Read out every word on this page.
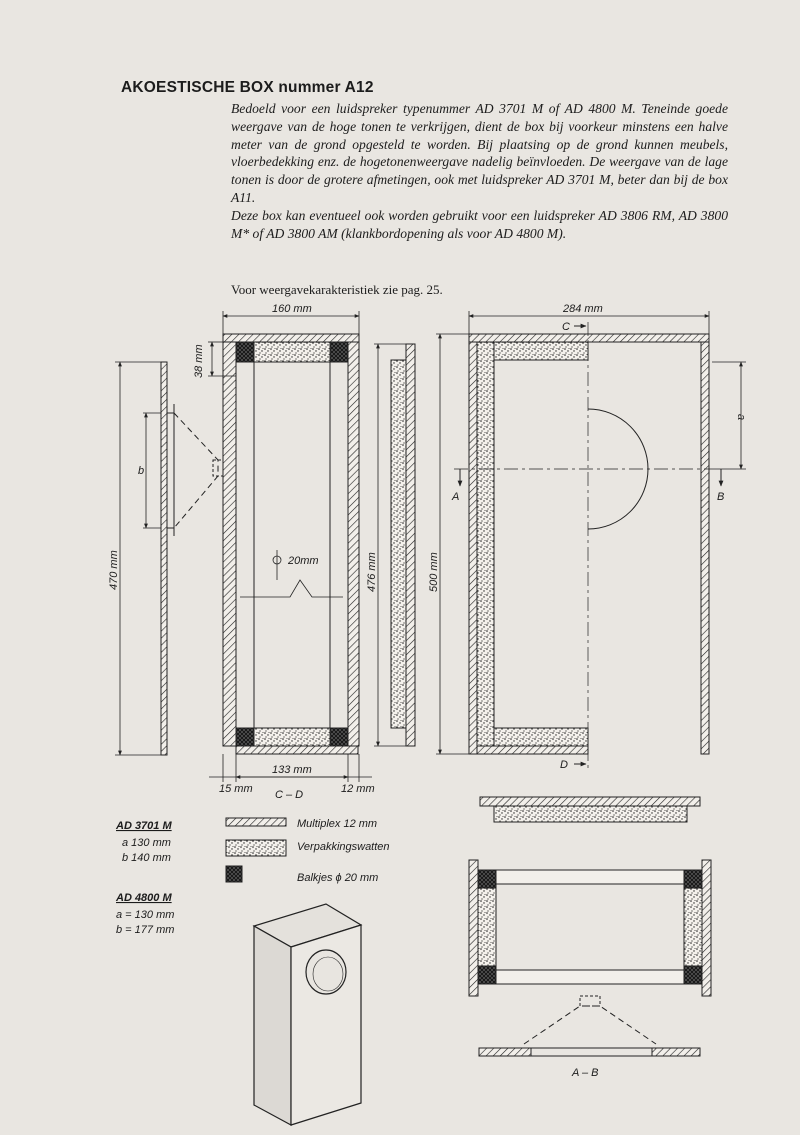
AKOESTISCHE BOX nummer A12

Bedoeld voor een luidspreker typenummer AD 3701 M of AD 4800 M. Teneinde goede weergave van de hoge tonen te verkrijgen, dient de box bij voorkeur minstens een halve meter van de grond opgesteld te worden. Bij plaatsing op de grond kunnen meubels, vloerbedekking enz. de hogetonenweergave nadelig beïnvloeden. De weergave van de lage tonen is door de grotere afmetingen, ook met luidspreker AD 3701 M, beter dan bij de box A11.

Deze box kan eventueel ook worden gebruikt voor een luidspreker AD 3806 RM, AD 3800 M* of AD 3800 AM (klankbordopening als voor AD 4800 M).

Voor weergavekarakteristiek zie pag. 25.
b
470 mm	20mm
160 mm
38 mm
133 mm
15 mm	12 mm
C – D
476 mm	500 mm
A	B
C
D
284 mm
a
A – B
Multiplex 12 mm
Verpakkingswatten
Balkjes ϕ 20 mm
AD 3701 M
a 130 mm
b 140 mm
AD 4800 M
a = 130 mm
b = 177 mm
